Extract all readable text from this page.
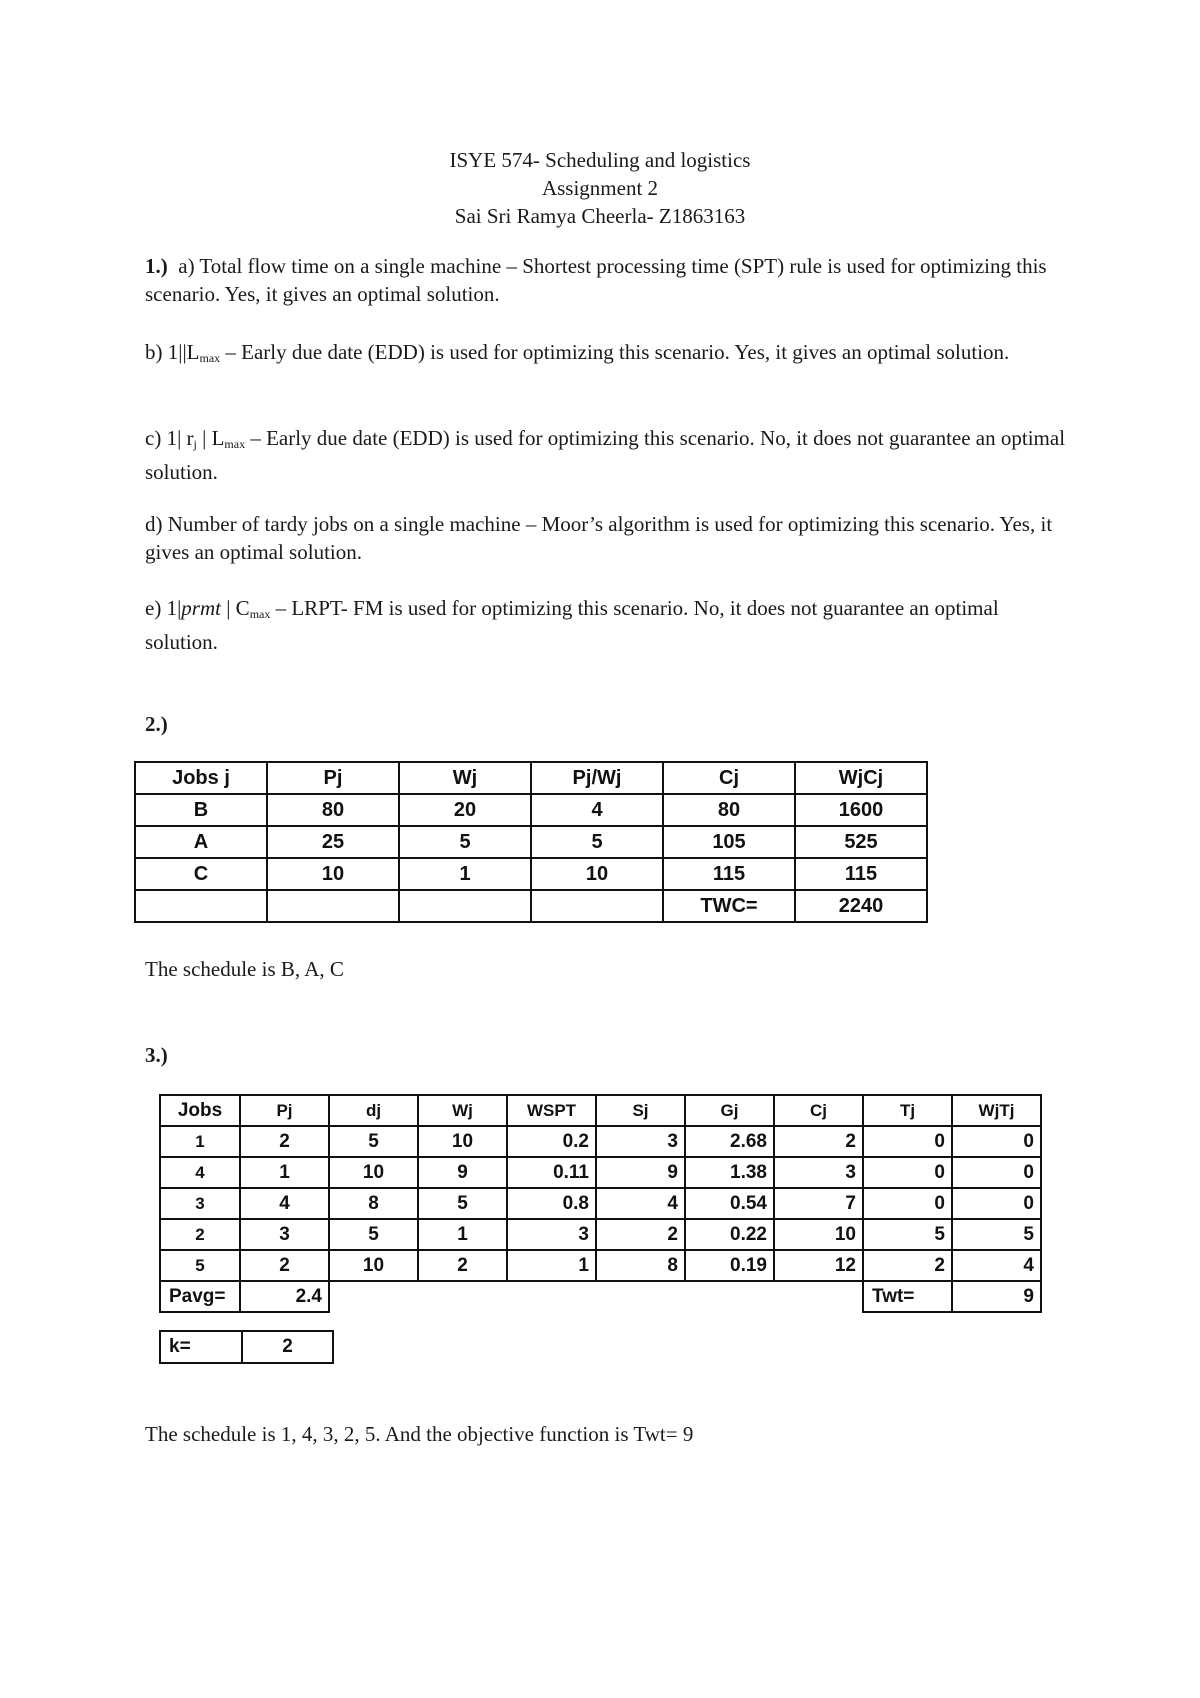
ISYE 574- Scheduling and logistics
Assignment 2
Sai Sri Ramya Cheerla- Z1863163
1.) a) Total flow time on a single machine – Shortest processing time (SPT) rule is used for optimizing this scenario. Yes, it gives an optimal solution.
b) $1||L_{max}$ – Early due date (EDD) is used for optimizing this scenario. Yes, it gives an optimal solution.
c) 1| $r_j$ | $L_{max}$ – Early due date (EDD) is used for optimizing this scenario. No, it does not guarantee an optimal solution.
d) Number of tardy jobs on a single machine – Moor’s algorithm is used for optimizing this scenario. Yes, it gives an optimal solution.
e) 1|prmt | $C_{max}$ – LRPT- FM is used for optimizing this scenario. No, it does not guarantee an optimal solution.
2.)
Jobs j	Pj	Wj	Pj/Wj	Cj	WjCj
B	80	20	4	80	1600
A	25	5	5	105	525
C	10	1	10	115	115
				TWC=	2240
The schedule is B, A, C
3.)
Jobs	Pj	dj	Wj	WSPT	Sj	Gj	Cj	Tj	WjTj
1	2	5	10	0.2	3	2.68	2	0	0
4	1	10	9	0.11	9	1.38	3	0	0
3	4	8	5	0.8	4	0.54	7	0	0
2	3	5	1	3	2	0.22	10	5	5
5	2	10	2	1	8	0.19	12	2	4
Pavg=	2.4							Twt=	9
k=	2
The schedule is 1, 4, 3, 2, 5. And the objective function is Twt= 9
